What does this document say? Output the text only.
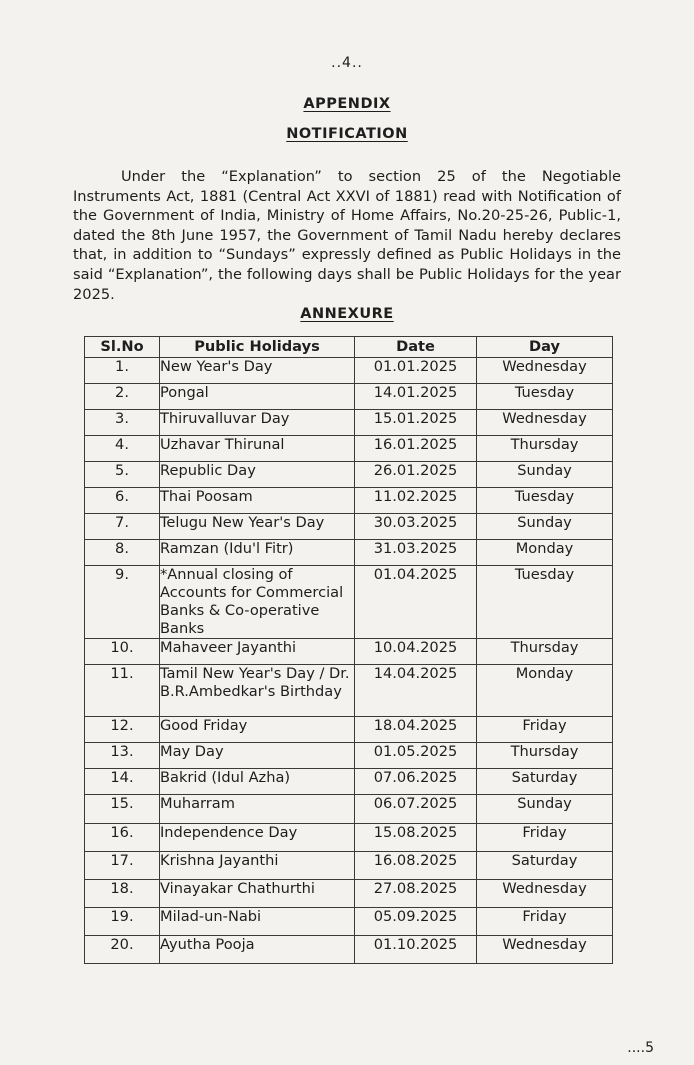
..4..
APPENDIX
NOTIFICATION
Under the “Explanation” to section 25 of the Negotiable Instruments Act, 1881 (Central Act XXVI of 1881) read with Notification of the Government of India, Ministry of Home Affairs, No.20-25-26, Public-1, dated the 8th June 1957, the Government of Tamil Nadu hereby declares that, in addition to “Sundays” expressly defined as Public Holidays in the said “Explanation”, the following days shall be Public Holidays for the year 2025.
ANNEXURE
Sl.No	Public Holidays	Date	Day
1.	New Year's Day	01.01.2025	Wednesday
2.	Pongal	14.01.2025	Tuesday
3.	Thiruvalluvar Day	15.01.2025	Wednesday
4.	Uzhavar Thirunal	16.01.2025	Thursday
5.	Republic Day	26.01.2025	Sunday
6.	Thai Poosam	11.02.2025	Tuesday
7.	Telugu New Year's Day	30.03.2025	Sunday
8.	Ramzan (Idu'l Fitr)	31.03.2025	Monday
9.	*Annual closing of Accounts for Commercial Banks & Co-operative Banks	01.04.2025	Tuesday
10.	Mahaveer Jayanthi	10.04.2025	Thursday
11.	Tamil New Year's Day / Dr. B.R.Ambedkar's Birthday	14.04.2025	Monday
12.	Good Friday	18.04.2025	Friday
13.	May Day	01.05.2025	Thursday
14.	Bakrid (Idul Azha)	07.06.2025	Saturday
15.	Muharram	06.07.2025	Sunday
16.	Independence Day	15.08.2025	Friday
17.	Krishna Jayanthi	16.08.2025	Saturday
18.	Vinayakar Chathurthi	27.08.2025	Wednesday
19.	Milad-un-Nabi	05.09.2025	Friday
20.	Ayutha Pooja	01.10.2025	Wednesday
....5
